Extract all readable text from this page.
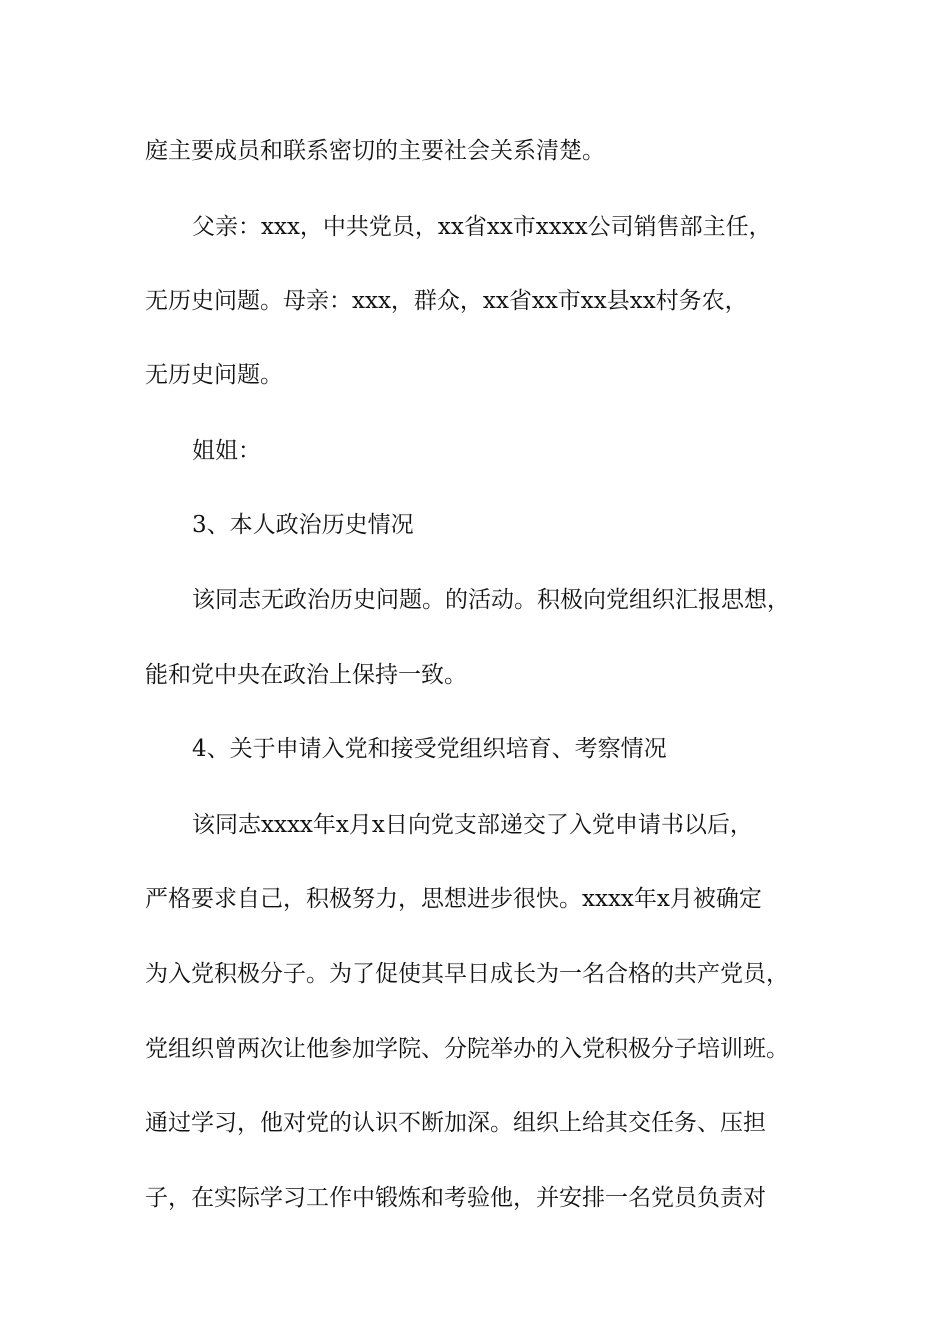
庭主要成员和联系密切的主要社会关系清楚。

父亲：xxx，中共党员，xx省xx市xxxx公司销售部主任，

无历史问题。母亲：xxx，群众，xx省xx市xx县xx村务农，

无历史问题。

姐姐：

3、本人政治历史情况

该同志无政治历史问题。的活动。积极向党组织汇报思想，

能和党中央在政治上保持一致。

4、关于申请入党和接受党组织培育、考察情况

该同志xxxx年x月x日向党支部递交了入党申请书以后，

严格要求自己，积极努力，思想进步很快。xxxx年x月被确定

为入党积极分子。为了促使其早日成长为一名合格的共产党员，

党组织曾两次让他参加学院、分院举办的入党积极分子培训班。

通过学习，他对党的认识不断加深。组织上给其交任务、压担

子，在实际学习工作中锻炼和考验他，并安排一名党员负责对
